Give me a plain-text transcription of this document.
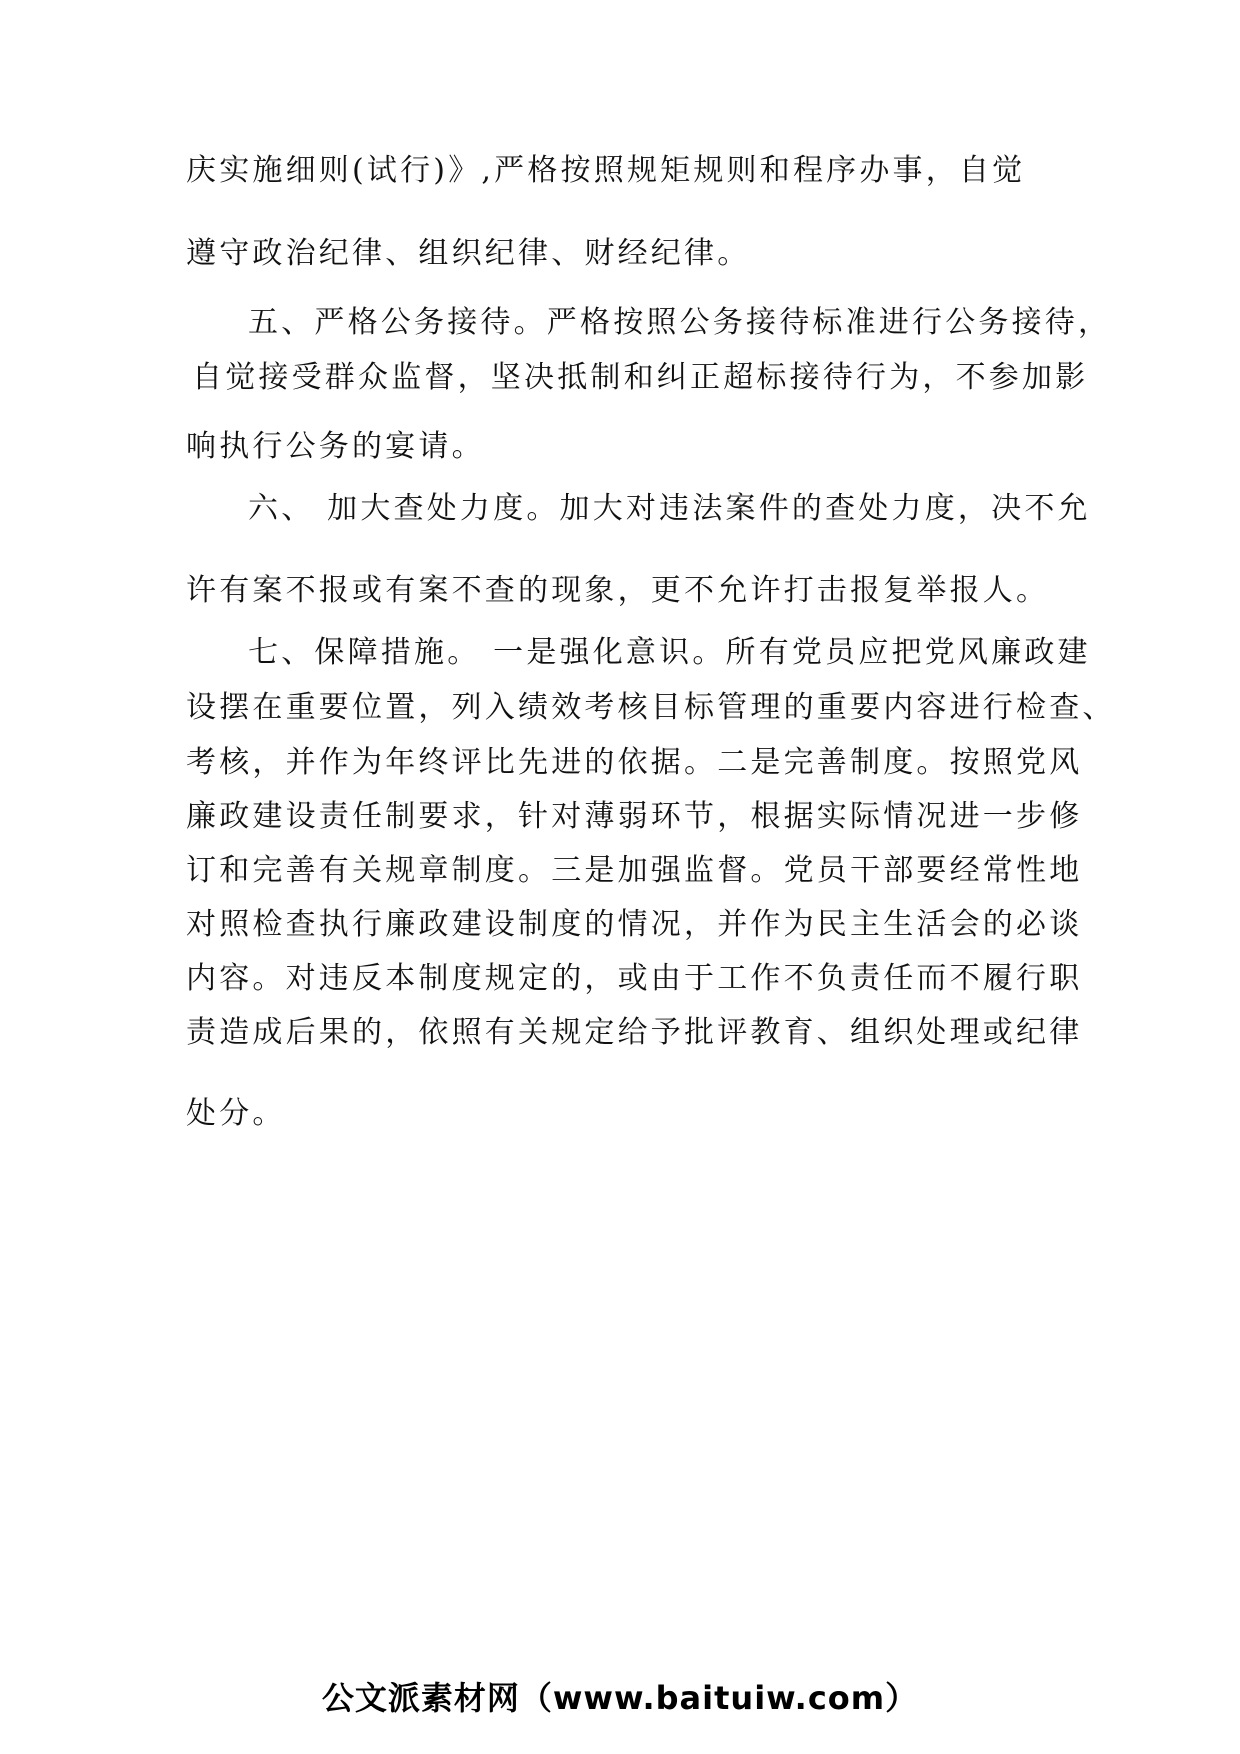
庆实施细则(试行)》,严格按照规矩规则和程序办事，自觉
遵守政治纪律、组织纪律、财经纪律。
五、严格公务接待。严格按照公务接待标准进行公务接待，
自觉接受群众监督，坚决抵制和纠正超标接待行为，不参加影
响执行公务的宴请。
六、 加大查处力度。加大对违法案件的查处力度，决不允
许有案不报或有案不查的现象，更不允许打击报复举报人。
七、保障措施。 一是强化意识。所有党员应把党风廉政建
设摆在重要位置，列入绩效考核目标管理的重要内容进行检查、
考核，并作为年终评比先进的依据。二是完善制度。按照党风
廉政建设责任制要求，针对薄弱环节，根据实际情况进一步修
订和完善有关规章制度。三是加强监督。党员干部要经常性地
对照检查执行廉政建设制度的情况，并作为民主生活会的必谈
内容。对违反本制度规定的，或由于工作不负责任而不履行职
责造成后果的，依照有关规定给予批评教育、组织处理或纪律
处分。
公文派素材网（www.baituiw.com）
